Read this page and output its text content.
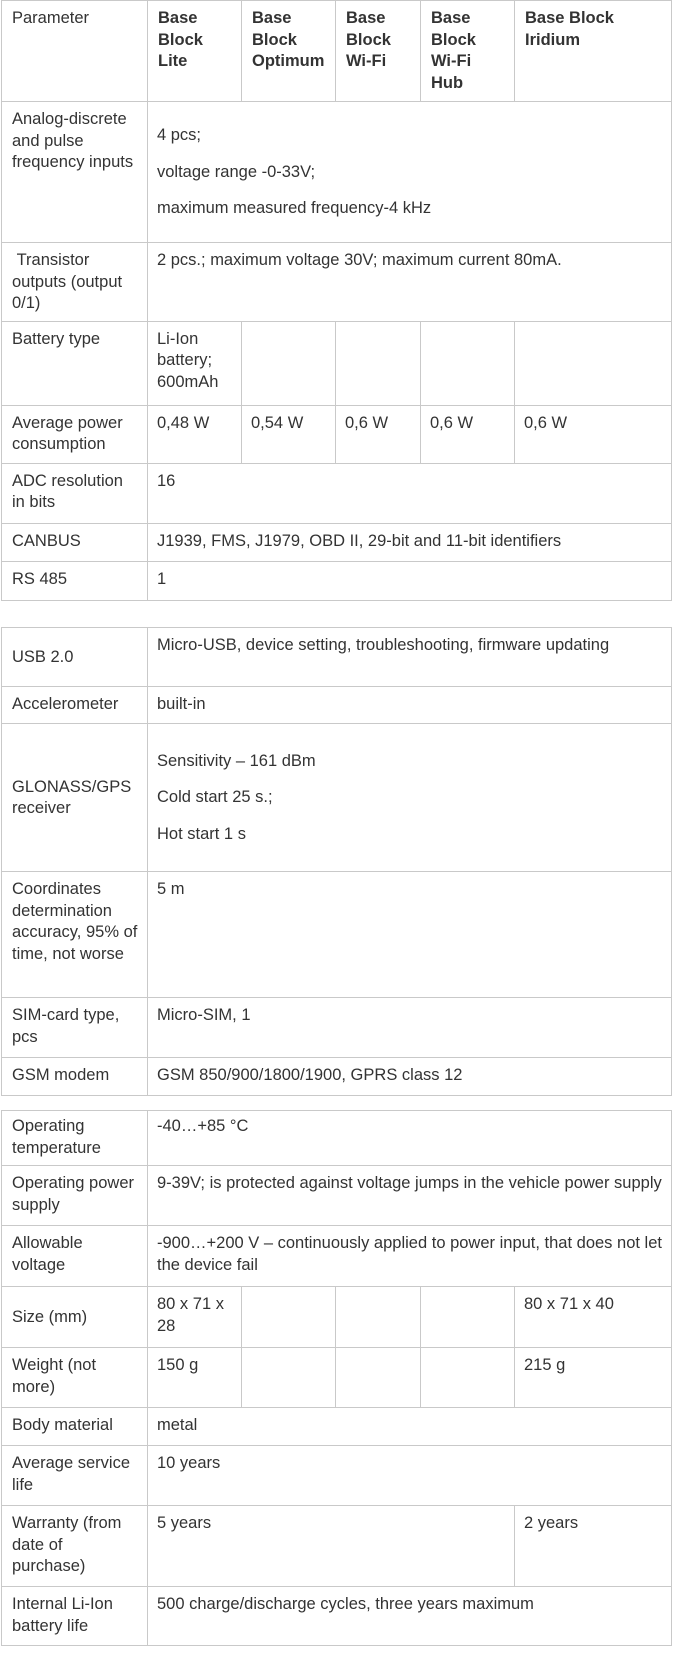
Parameter	Base Block Lite	Base Block Optimum	Base Block Wi-Fi	Base Block Wi-Fi Hub	Base Block Iridium
Analog-discrete and pulse frequency inputs	4 pcs;

voltage range -0-33V;

maximum measured frequency-4 kHz				

Transistor outputs (output 0/1)	2 pcs.; maximum voltage 30V; maximum current 80mA.				
Battery type	Li-Ion battery; 600mAh				
Average power consumption	0,48 W	0,54 W	0,6 W	0,6 W	0,6 W
ADC resolution in bits	16				
CANBUS	J1939, FMS, J1979, OBD II, 29-bit and 11-bit identifiers				
RS 485	1				
USB 2.0	Micro-USB, device setting, troubleshooting, firmware updating
Accelerometer	built-in
GLONASS/GPS receiver	Sensitivity – 161 dBm

Cold start 25 s.;

Hot start 1 s

Coordinates determination accuracy, 95% of time, not worse	5 m
SIM-card type, pcs	Micro-SIM, 1
GSM modem	GSM 850/900/1800/1900, GPRS class 12
Operating temperature	-40…+85 °C
Operating power supply	9-39V; is protected against voltage jumps in the vehicle power supply				
Allowable voltage	-900…+200 V – continuously applied to power input, that does not let the device fail				
Size (mm)	80 x 71 x 28				80 x 71 x 40
Weight (not more)	150 g				215 g
Body material	metal				
Average service life	10 years				
Warranty (from date of purchase)	5 years				2 years
Internal Li-Ion battery life	500 charge/discharge cycles, three years maximum				
